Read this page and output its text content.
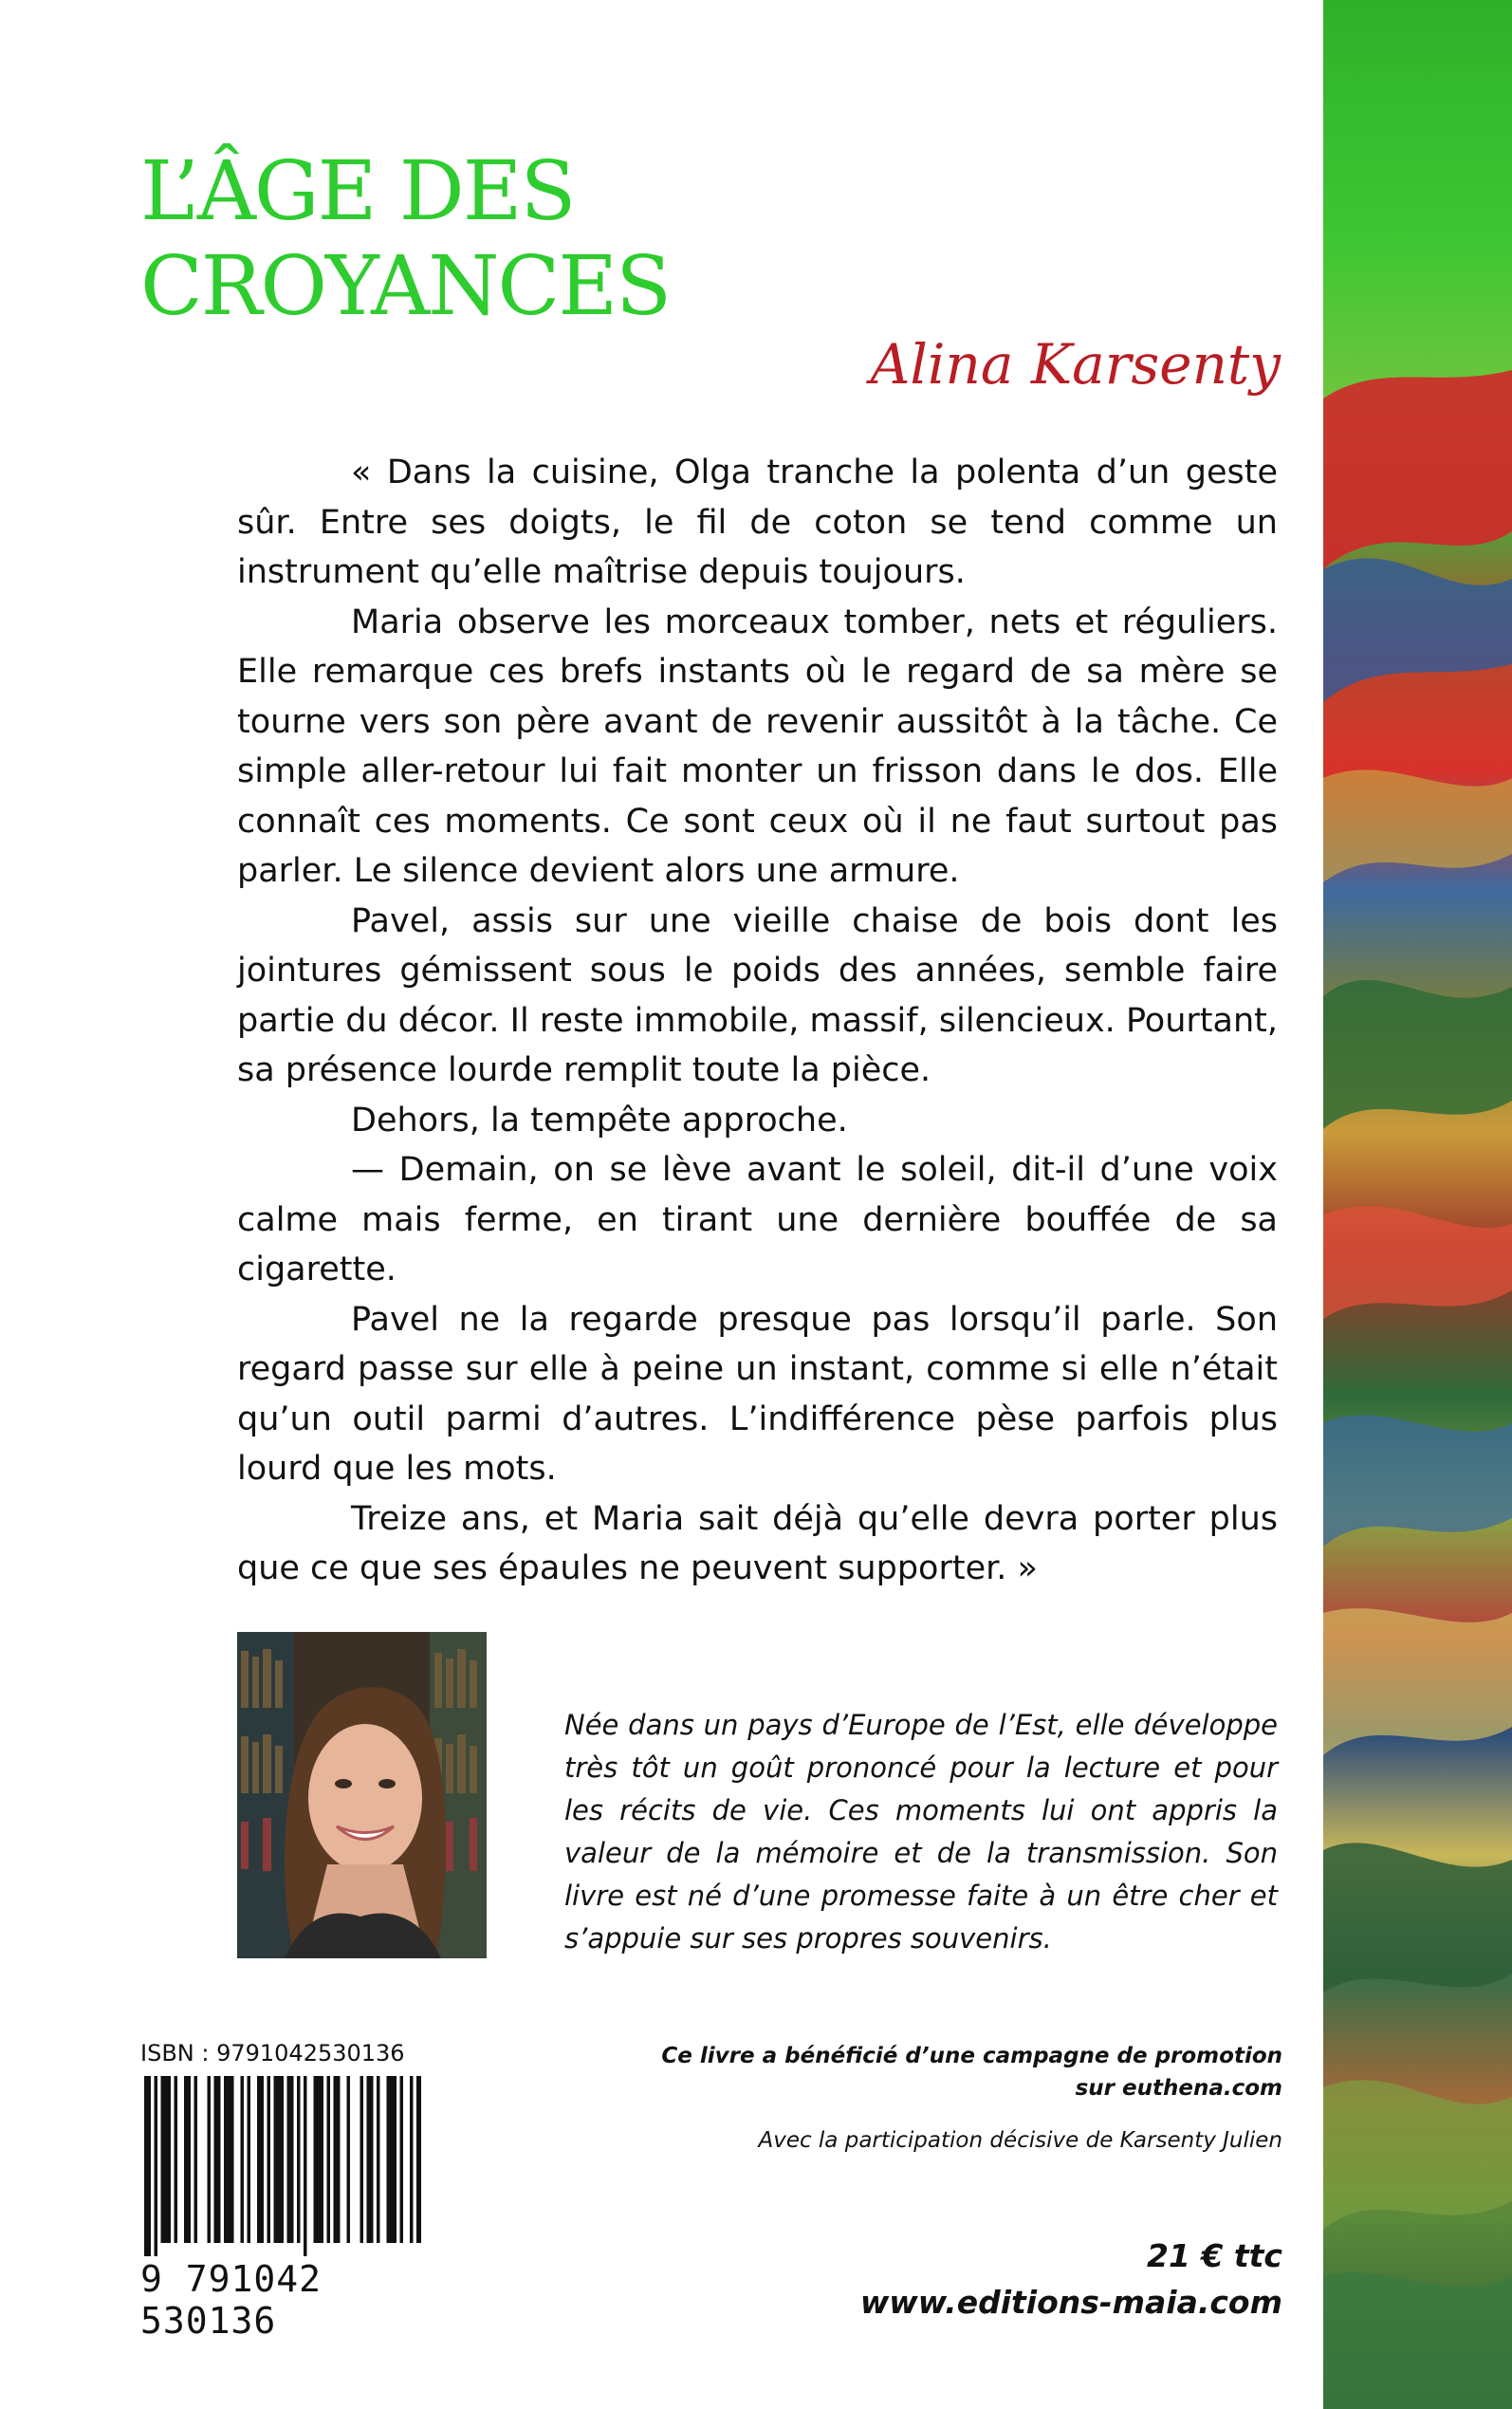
L’ÂGE DES
CROYANCES
Alina Karsenty

« Dans la cuisine, Olga tranche la polenta d’un geste sûr. Entre ses doigts, le fil de coton se tend comme un instrument qu’elle maîtrise depuis toujours.

Maria observe les morceaux tomber, nets et réguliers. Elle remarque ces brefs instants où le regard de sa mère se tourne vers son père avant de revenir aussitôt à la tâche. Ce simple aller-retour lui fait monter un frisson dans le dos. Elle connaît ces moments. Ce sont ceux où il ne faut surtout pas parler. Le silence devient alors une armure.

Pavel, assis sur une vieille chaise de bois dont les jointures gémissent sous le poids des années, semble faire partie du décor. Il reste immobile, massif, silencieux. Pourtant, sa présence lourde remplit toute la pièce.

Dehors, la tempête approche.

— Demain, on se lève avant le soleil, dit-il d’une voix calme mais ferme, en tirant une dernière bouffée de sa cigarette.

Pavel ne la regarde presque pas lorsqu’il parle. Son regard passe sur elle à peine un instant, comme si elle n’était qu’un outil parmi d’autres. L’indifférence pèse parfois plus lourd que les mots.

Treize ans, et Maria sait déjà qu’elle devra porter plus que ce que ses épaules ne peuvent supporter. »

Née dans un pays d’Europe de l’Est, elle développe très tôt un goût prononcé pour la lecture et pour les récits de vie. Ces moments lui ont appris la valeur de la mémoire et de la transmission. Son livre est né d’une promesse faite à un être cher et s’appuie sur ses propres souvenirs.

ISBN : 9791042530136
9 791042 530136
Ce livre a bénéficié d’une campagne de promotion
sur euthena.com
Avec la participation décisive de Karsenty Julien
21 € ttc
www.editions-maia.com
